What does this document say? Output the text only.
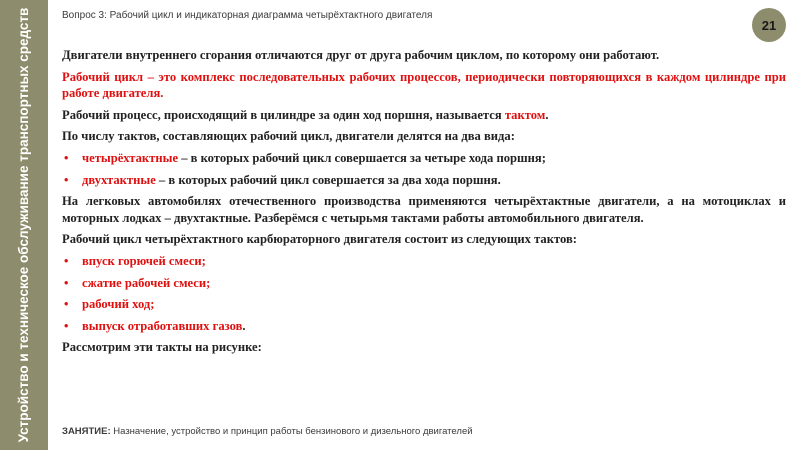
Устройство и техническое обслуживание транспортных средств	Вопрос 3: Рабочий цикл и индикаторная диаграмма четырёхтактного двигателя
21

Двигатели внутреннего сгорания отличаются друг от друга рабочим циклом, по которому они работают.

Рабочий цикл – это комплекс последовательных рабочих процессов, периодически повторяющихся в каждом цилиндре при работе двигателя.

Рабочий процесс, происходящий в цилиндре за один ход поршня, называется тактом.

По числу тактов, составляющих рабочий цикл, двигатели делятся на два вида:

• четырёхтактные – в которых рабочий цикл совершается за четыре хода поршня;
• двухтактные – в которых рабочий цикл совершается за два хода поршня.

На легковых автомобилях отечественного производства применяются четырёхтактные двигатели, а на мотоциклах и моторных лодках – двухтактные. Разберёмся с четырьмя тактами работы автомобильного двигателя.

Рабочий цикл четырёхтактного карбюраторного двигателя состоит из следующих тактов:

• впуск горючей смеси;
• сжатие рабочей смеси;
• рабочий ход;
• выпуск отработавших газов.

Рассмотрим эти такты на рисунке:

ЗАНЯТИЕ: Назначение, устройство и принцип работы бензинового и дизельного двигателей
